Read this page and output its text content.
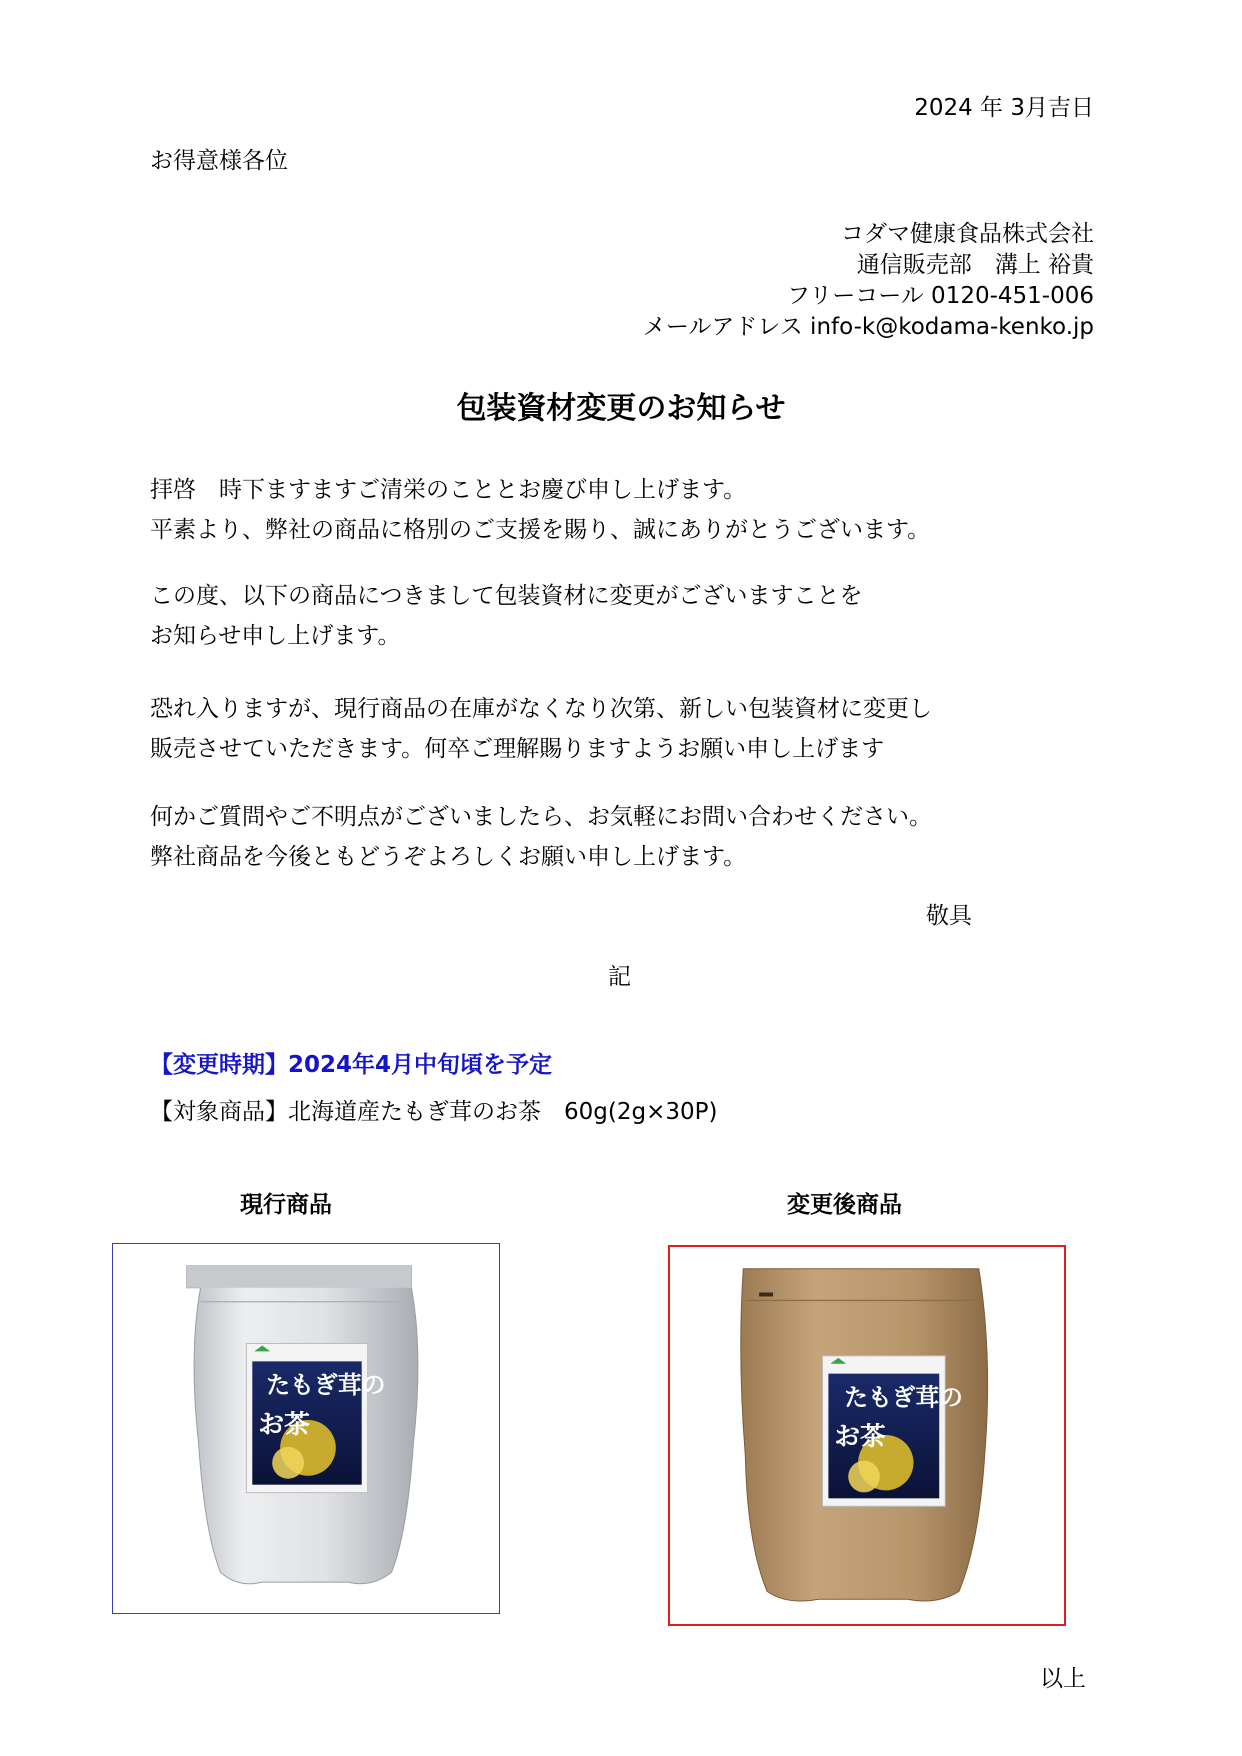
2024 年 3月吉日
お得意様各位
コダマ健康食品株式会社
通信販売部　溝上 裕貴
フリーコール 0120-451-006
メールアドレス info-k@kodama-kenko.jp
包装資材変更のお知らせ
拝啓　時下ますますご清栄のこととお慶び申し上げます。
平素より、弊社の商品に格別のご支援を賜り、誠にありがとうございます。
この度、以下の商品につきまして包装資材に変更がございますことを
お知らせ申し上げます。
恐れ入りますが、現行商品の在庫がなくなり次第、新しい包装資材に変更し
販売させていただきます。何卒ご理解賜りますようお願い申し上げます
何かご質問やご不明点がございましたら、お気軽にお問い合わせください。
弊社商品を今後ともどうぞよろしくお願い申し上げます。
敬具
記
【変更時期】2024年4月中旬頃を予定
【対象商品】北海道産たもぎ茸のお茶　60g(2g×30P)
現行商品	変更後商品
たもぎ茸の
お茶
たもぎ茸の
お茶
以上
